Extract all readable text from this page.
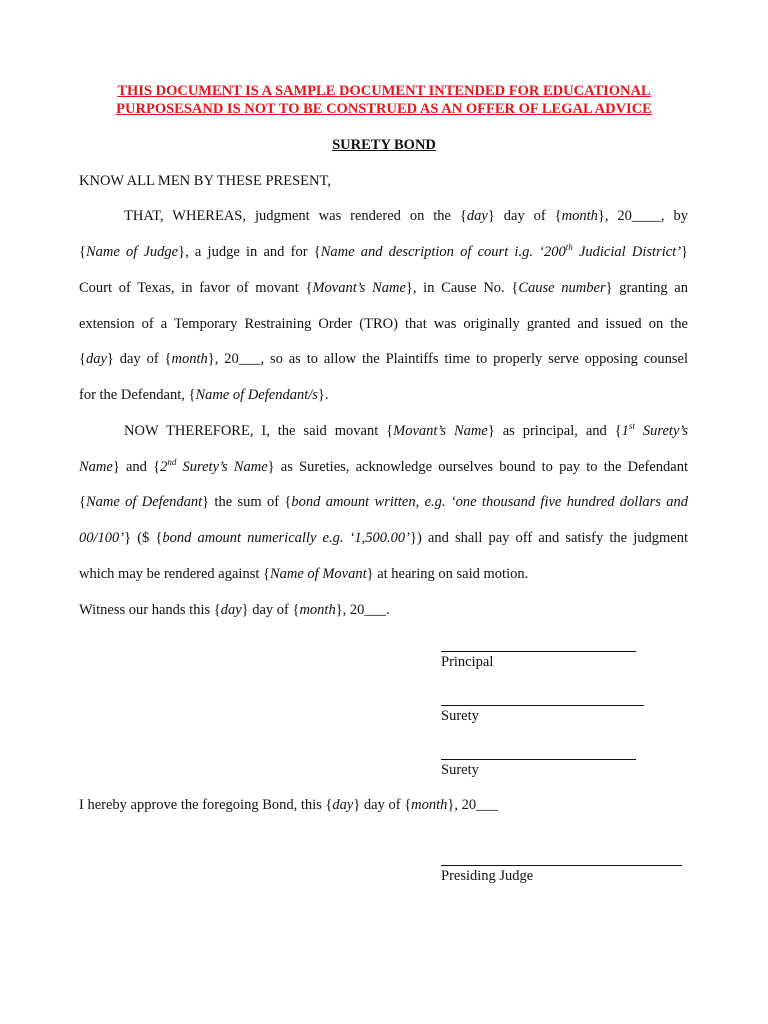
THIS DOCUMENT IS A SAMPLE DOCUMENT INTENDED FOR EDUCATIONAL
PURPOSESAND IS NOT TO BE CONSTRUED AS AN OFFER OF LEGAL ADVICE
SURETY BOND
KNOW ALL MEN BY THESE PRESENT,
THAT, WHEREAS, judgment was rendered on the {day} day of {month}, 20____, by
{Name of Judge}, a judge in and for {Name and description of court i.g. ‘200th Judicial District’}
Court of Texas, in favor of movant {Movant’s Name}, in Cause No. {Cause number} granting an
extension of a Temporary Restraining Order (TRO) that was originally granted and issued on the
{day} day of {month}, 20___, so as to allow the Plaintiffs time to properly serve opposing counsel
for the Defendant, {Name of Defendant/s}.
NOW THEREFORE, I, the said movant {Movant’s Name} as principal, and {1st Surety’s
Name} and {2nd Surety’s Name} as Sureties, acknowledge ourselves bound to pay to the Defendant
{Name of Defendant} the sum of {bond amount written, e.g. ‘one thousand five hundred dollars and
00/100’} ($ {bond amount numerically e.g. ‘1,500.00’}) and shall pay off and satisfy the judgment
which may be rendered against {Name of Movant} at hearing on said motion.
Witness our hands this {day} day of {month}, 20___.
Principal
Surety
Surety
I hereby approve the foregoing Bond, this {day} day of {month}, 20___
Presiding Judge
